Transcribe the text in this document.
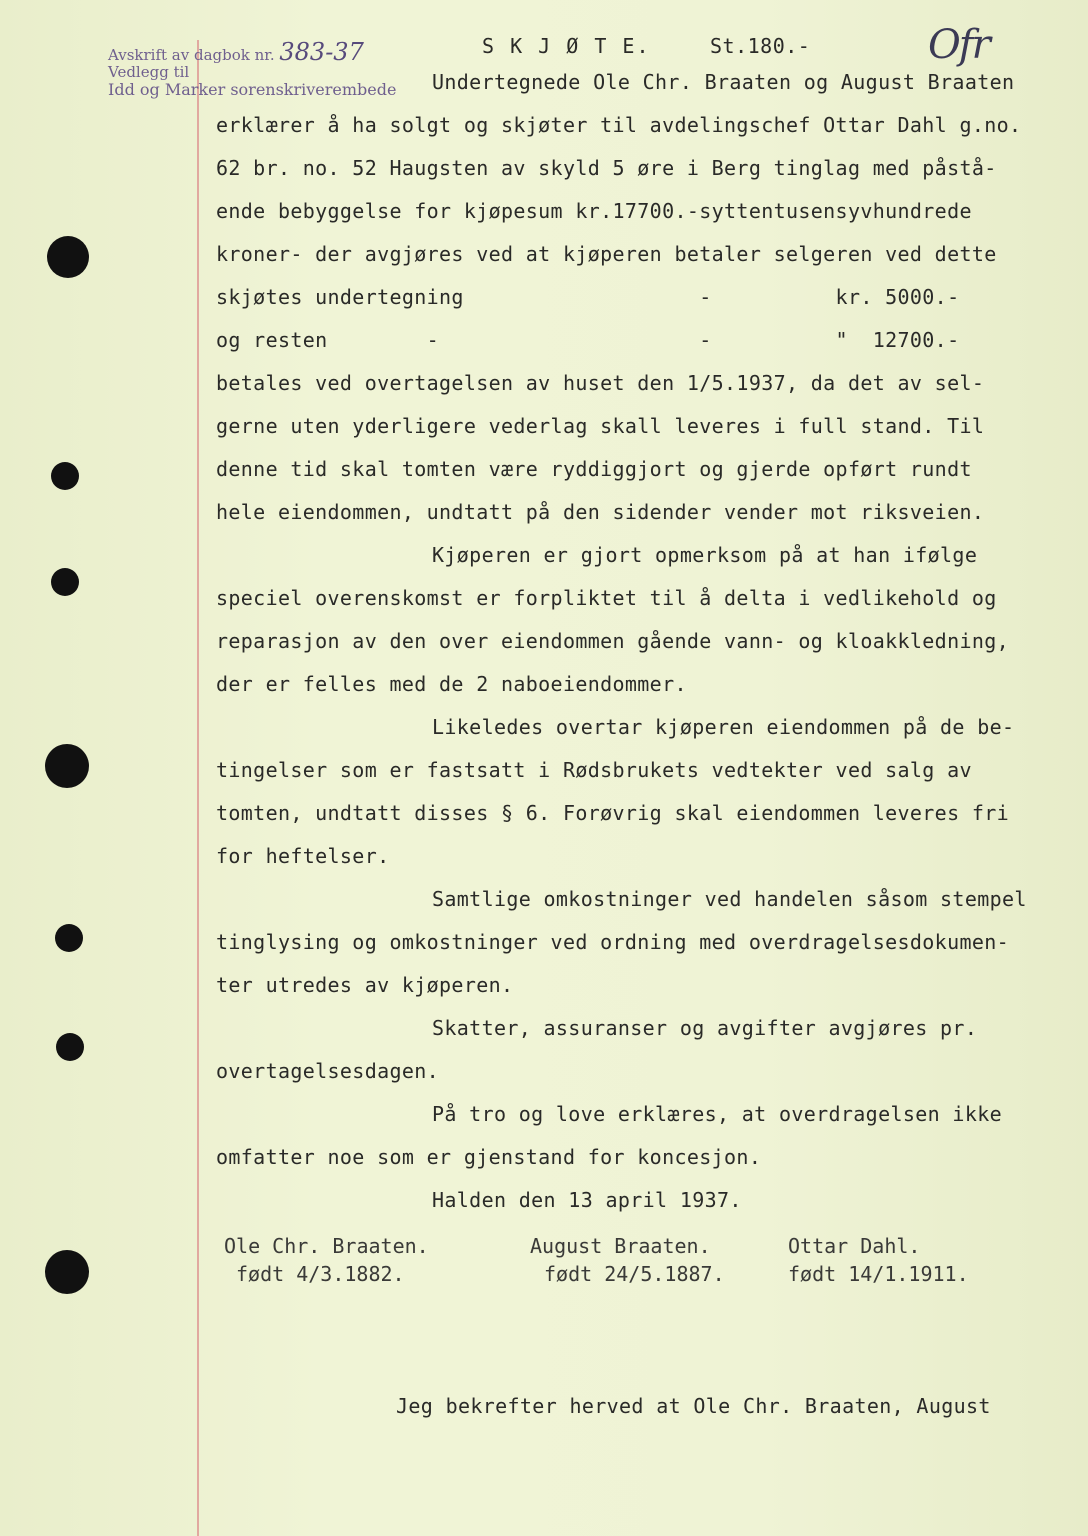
Avskrift av dagbok nr. 383-37
Vedlegg til
Idd og Marker sorenskriverembede
S K J Ø T E.	St.180.-	Ofr
Undertegnede Ole Chr. Braaten og August Braaten
erklærer å ha solgt og skjøter til avdelingschef Ottar Dahl g.no.
62 br. no. 52 Haugsten av skyld 5 øre i Berg tinglag med påstå-
ende bebyggelse for kjøpesum kr.17700.-syttentusensyvhundrede
kroner- der avgjøres ved at kjøperen betaler selgeren ved dette
skjøtes undertegning                   -          kr. 5000.-
og resten        -                     -          "  12700.-
betales ved overtagelsen av huset den 1/5.1937, da det av sel-
gerne uten yderligere vederlag skall leveres i full stand. Til
denne tid skal tomten være ryddiggjort og gjerde opført rundt
hele eiendommen, undtatt på den sidender vender mot riksveien.
Kjøperen er gjort opmerksom på at han ifølge
speciel overenskomst er forpliktet til å delta i vedlikehold og
reparasjon av den over eiendommen gående vann- og kloakkledning,
der er felles med de 2 naboeiendommer.
Likeledes overtar kjøperen eiendommen på de be-
tingelser som er fastsatt i Rødsbrukets vedtekter ved salg av
tomten, undtatt disses § 6. Forøvrig skal eiendommen leveres fri
for heftelser.
Samtlige omkostninger ved handelen såsom stempel
tinglysing og omkostninger ved ordning med overdragelsesdokumen-
ter utredes av kjøperen.
Skatter, assuranser og avgifter avgjøres pr.
overtagelsesdagen.
På tro og love erklæres, at overdragelsen ikke
omfatter noe som er gjenstand for koncesjon.
Halden den 13 april 1937.
Ole Chr. Braaten.
født 4/3.1882.
August Braaten.
født 24/5.1887.
Ottar Dahl.
født 14/1.1911.
Jeg bekrefter herved at Ole Chr. Braaten, August
